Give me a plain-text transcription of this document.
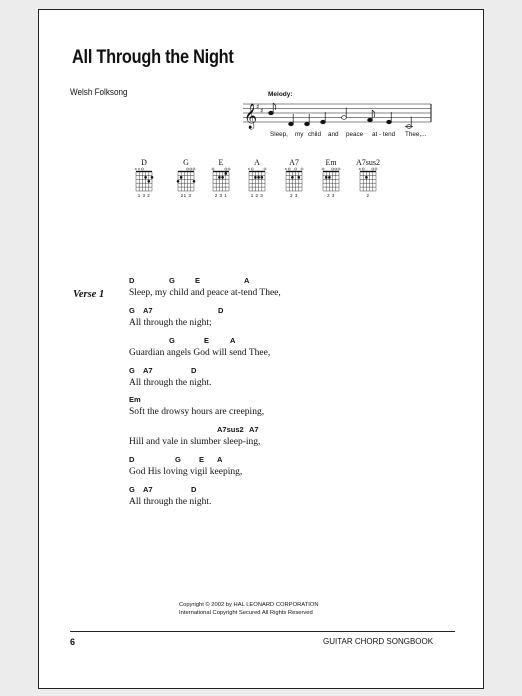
All Through the Night
Welsh Folksong	Melody:
𝄞
♯ ♯
Sleep, my child and peace at - tend Thee,...
D
x x
1 3 2
G
21 3
E
2 3 1
A
x
1 2 3
A7
x
2 3
Em
2 3
A7sus2
x
2
Verse 1
D	G	E	A
Sleep, my child and peace at-tend Thee,
G A7	D
All through the night;
G	E	A
Guardian angels God will send Thee,
G A7	D
All through the night.
Em
Soft the drowsy hours are creeping,
A7sus2 A7
Hill and vale in slumber sleep-ing,
D	G E A
God His loving vigil keeping,
G A7	D
All through the night.
Copyright © 2002 by HAL LEONARD CORPORATION
International Copyright Secured All Rights Reserved
6	GUITAR CHORD SONGBOOK
